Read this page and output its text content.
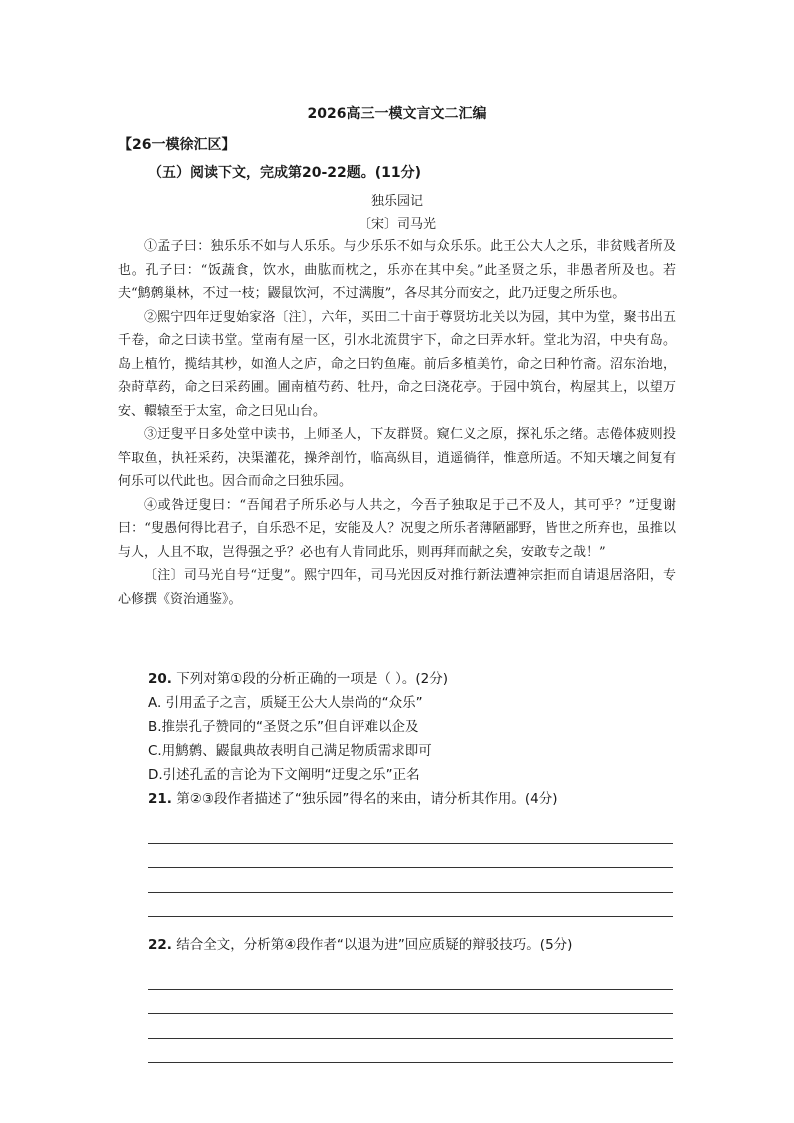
2026高三一模文言文二汇编
【26一模徐汇区】
（五）阅读下文，完成第20-22题。(11分)
独乐园记
〔宋〕司马光

①孟子曰：独乐乐不如与人乐乐。与少乐乐不如与众乐乐。此王公大人之乐，非贫贱者所及也。孔子曰：“饭蔬食，饮水，曲肱而枕之，乐亦在其中矣。”此圣贤之乐，非愚者所及也。若夫“鹪鹩巢林，不过一枝；鼹鼠饮河，不过满腹”，各尽其分而安之，此乃迂叟之所乐也。

②熙宁四年迂叟始家洛〔注〕，六年，买田二十亩于尊贤坊北关以为园，其中为堂，聚书出五千卷，命之曰读书堂。堂南有屋一区，引水北流贯宇下，命之曰弄水轩。堂北为沼，中央有岛。岛上植竹，揽结其杪，如渔人之庐，命之曰钓鱼庵。前后多植美竹，命之曰种竹斋。沼东治地，杂莳草药，命之曰采药圃。圃南植芍药、牡丹，命之曰浇花亭。于园中筑台，构屋其上，以望万安、轘辕至于太室，命之曰见山台。

③迂叟平日多处堂中读书，上师圣人，下友群贤。窥仁义之原，探礼乐之绪。志倦体疲则投竿取鱼，执衽采药，决渠灌花，操斧剖竹，临高纵目，逍遥徜徉，惟意所适。不知天壤之间复有何乐可以代此也。因合而命之曰独乐园。

④或咎迂叟曰：“吾闻君子所乐必与人共之，今吾子独取足于己不及人，其可乎？”迂叟谢曰：“叟愚何得比君子，自乐恐不足，安能及人？况叟之所乐者薄陋鄙野，皆世之所弃也，虽推以与人，人且不取，岂得强之乎？必也有人肯同此乐，则再拜而献之矣，安敢专之哉！”

〔注〕司马光自号“迂叟”。熙宁四年，司马光因反对推行新法遭神宗拒而自请退居洛阳，专心修撰《资治通鉴》。

20. 下列对第①段的分析正确的一项是（ ）。(2分)
A. 引用孟子之言，质疑王公大人崇尚的“众乐”
B.推崇孔子赞同的“圣贤之乐”但自评难以企及
C.用鹪鹩、鼹鼠典故表明自己满足物质需求即可
D.引述孔孟的言论为下文阐明“迂叟之乐”正名
21. 第②③段作者描述了“独乐园”得名的来由，请分析其作用。(4分)
22. 结合全文，分析第④段作者“以退为进”回应质疑的辩驳技巧。(5分)
